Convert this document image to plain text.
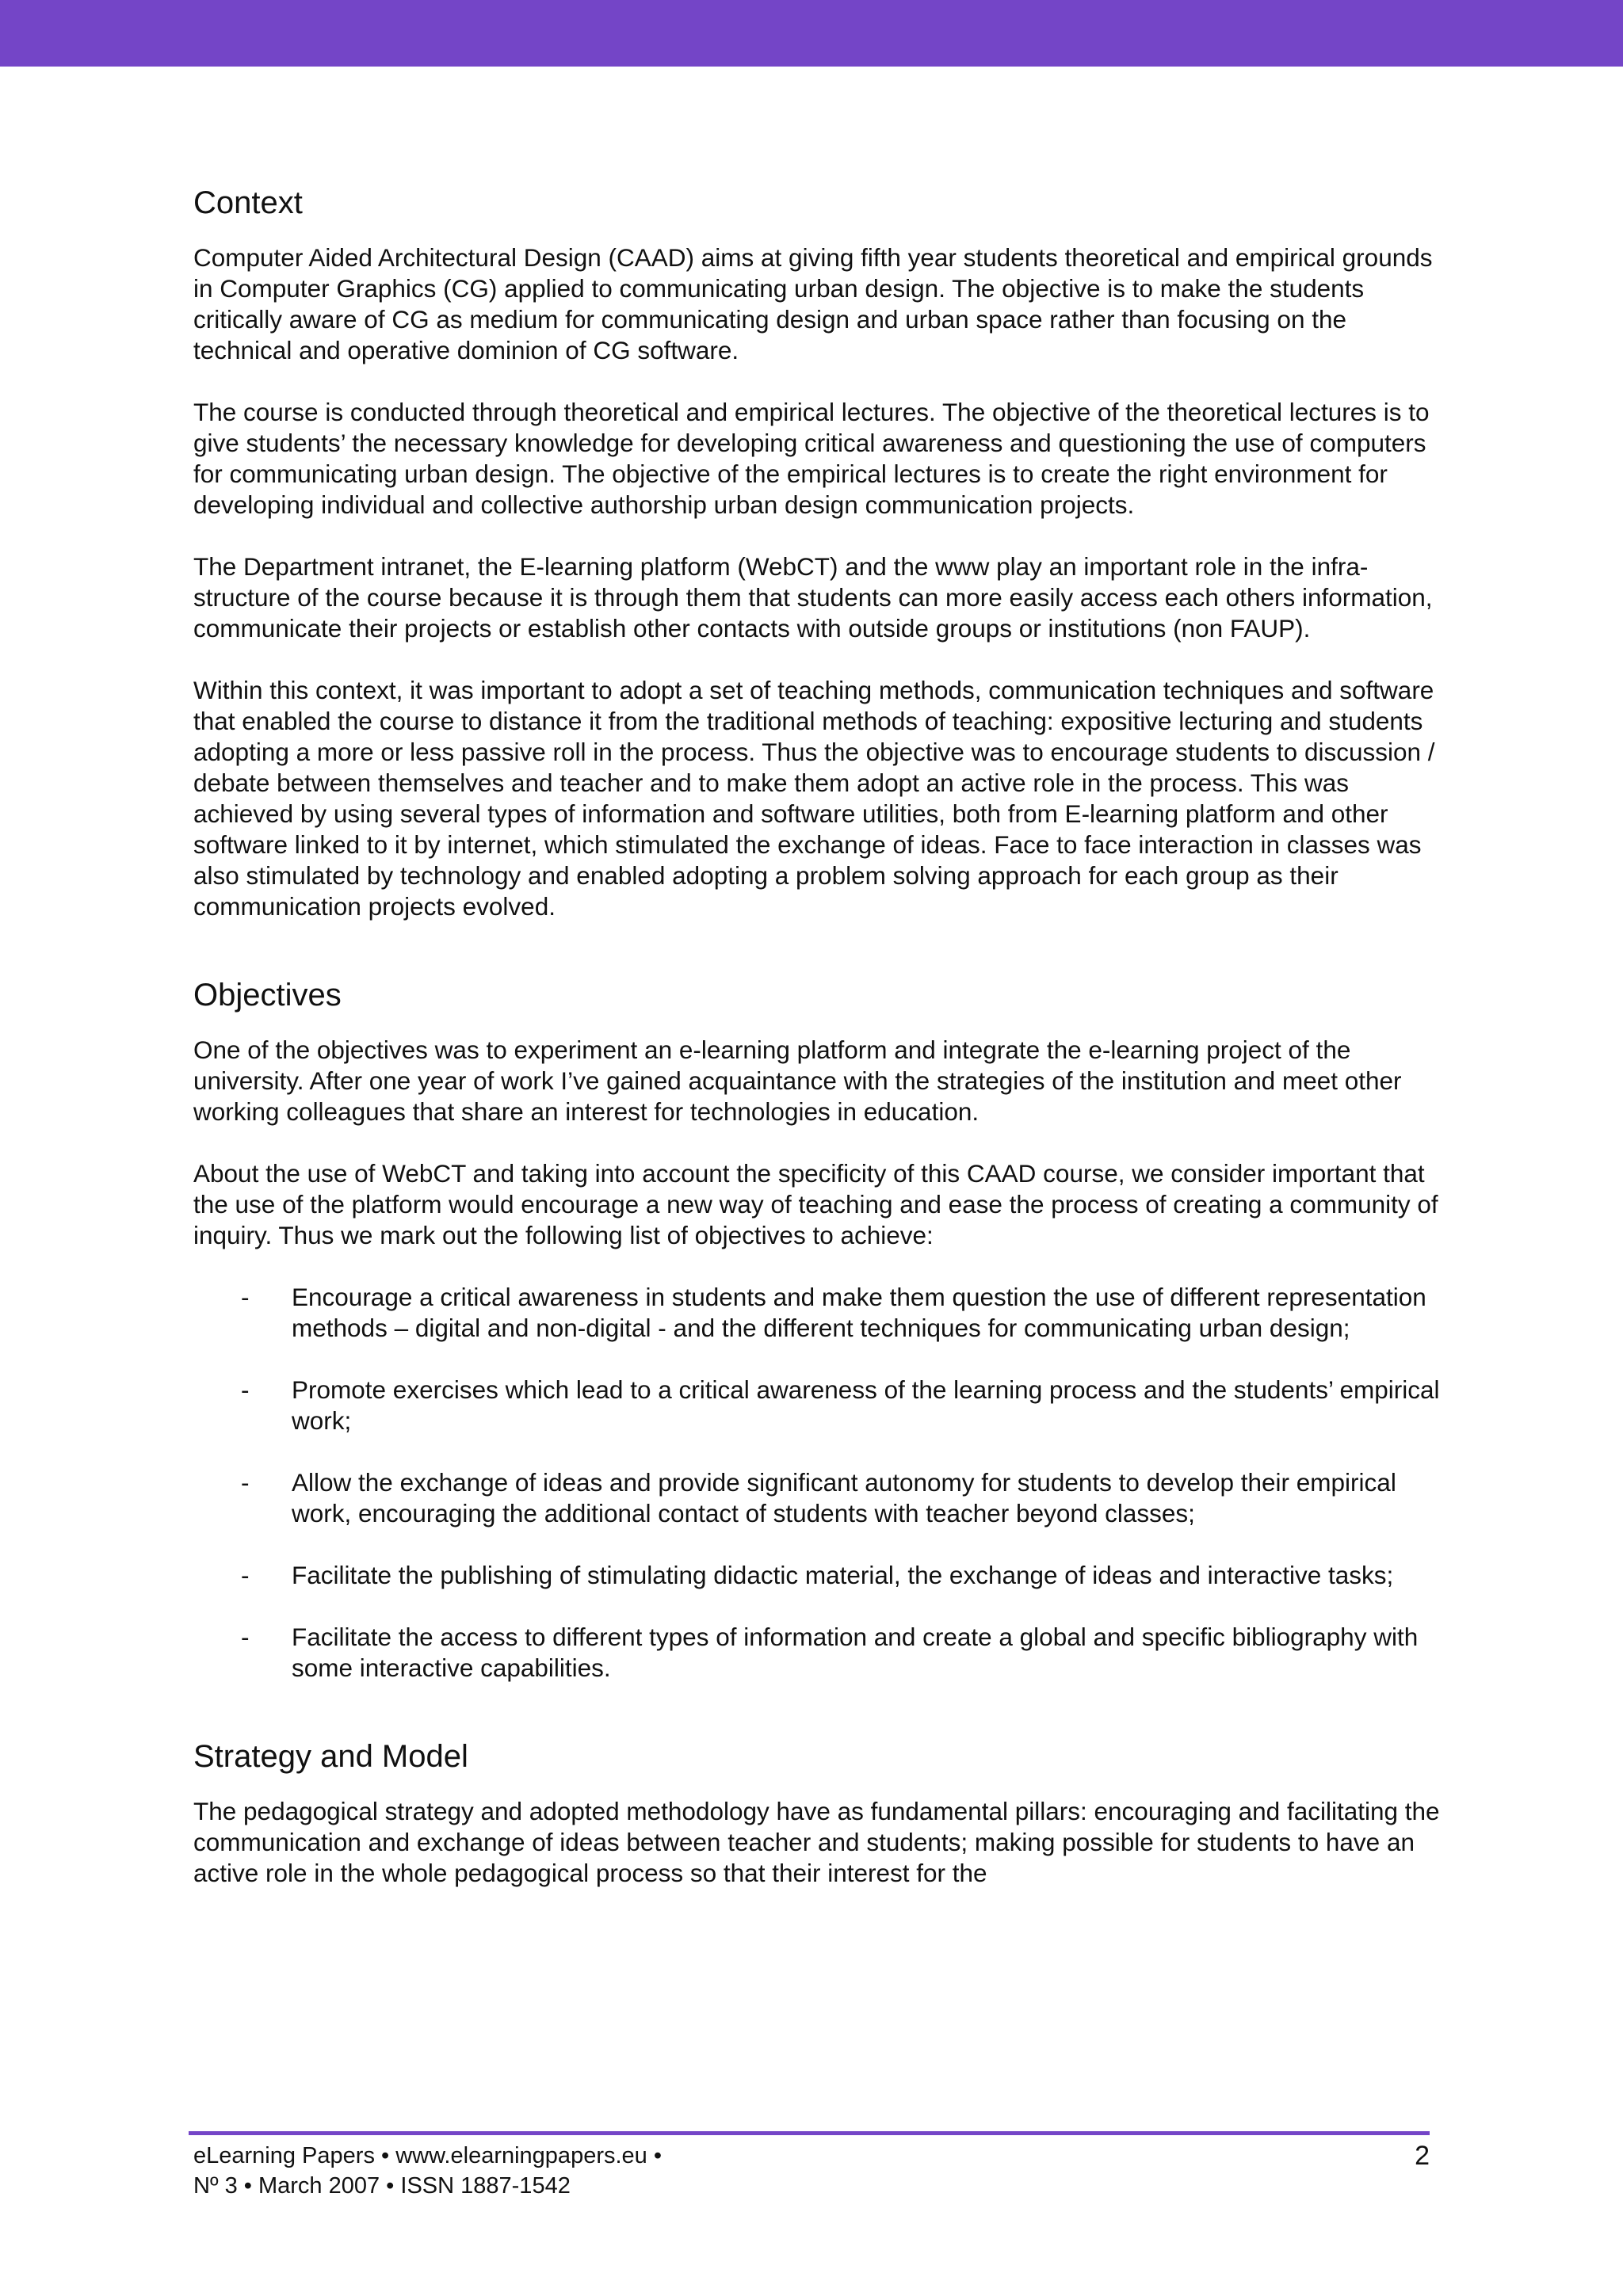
Context

Computer Aided Architectural Design (CAAD) aims at giving fifth year students theoretical and empirical grounds in Computer Graphics (CG) applied to communicating urban design. The objective is to make the students critically aware of CG as medium for communicating design and urban space rather than focusing on the technical and operative dominion of CG software.

The course is conducted through theoretical and empirical lectures. The objective of the theoretical lectures is to give students’ the necessary knowledge for developing critical awareness and questioning the use of computers for communicating urban design. The objective of the empirical lectures is to create the right environment for developing individual and collective authorship urban design communication projects.

The Department intranet, the E-learning platform (WebCT) and the www play an important role in the infra-structure of the course because it is through them that students can more easily access each others information, communicate their projects or establish other contacts with outside groups or institutions (non FAUP).

Within this context, it was important to adopt a set of teaching methods, communication techniques and software that enabled the course to distance it from the traditional methods of teaching: expositive lecturing and students adopting a more or less passive roll in the process. Thus the objective was to encourage students to discussion / debate between themselves and teacher and to make them adopt an active role in the process. This was achieved by using several types of information and software utilities, both from E-learning platform and other software linked to it by internet, which stimulated the exchange of ideas. Face to face interaction in classes was also stimulated by technology and enabled adopting a problem solving approach for each group as their communication projects evolved.

Objectives

One of the objectives was to experiment an e-learning platform and integrate the e-learning project of the university. After one year of work I’ve gained acquaintance with the strategies of the institution and meet other working colleagues that share an interest for technologies in education.

About the use of WebCT and taking into account the specificity of this CAAD course, we consider important that the use of the platform would encourage a new way of teaching and ease the process of creating a community of inquiry. Thus we mark out the following list of objectives to achieve:

- Encourage a critical awareness in students and make them question the use of different representation methods – digital and non-digital - and the different techniques for communicating urban design;
- Promote exercises which lead to a critical awareness of the learning process and the students’ empirical work;
- Allow the exchange of ideas and provide significant autonomy for students to develop their empirical work, encouraging the additional contact of students with teacher beyond classes;
- Facilitate the publishing of stimulating didactic material, the exchange of ideas and interactive tasks;
- Facilitate the access to different types of information and create a global and specific bibliography with some interactive capabilities.
Strategy and Model

The pedagogical strategy and adopted methodology have as fundamental pillars: encouraging and facilitating the communication and exchange of ideas between teacher and students; making possible for students to have an active role in the whole pedagogical process so that their interest for the

eLearning Papers • www.elearningpapers.eu •
Nº 3 • March 2007 • ISSN 1887-1542
2
